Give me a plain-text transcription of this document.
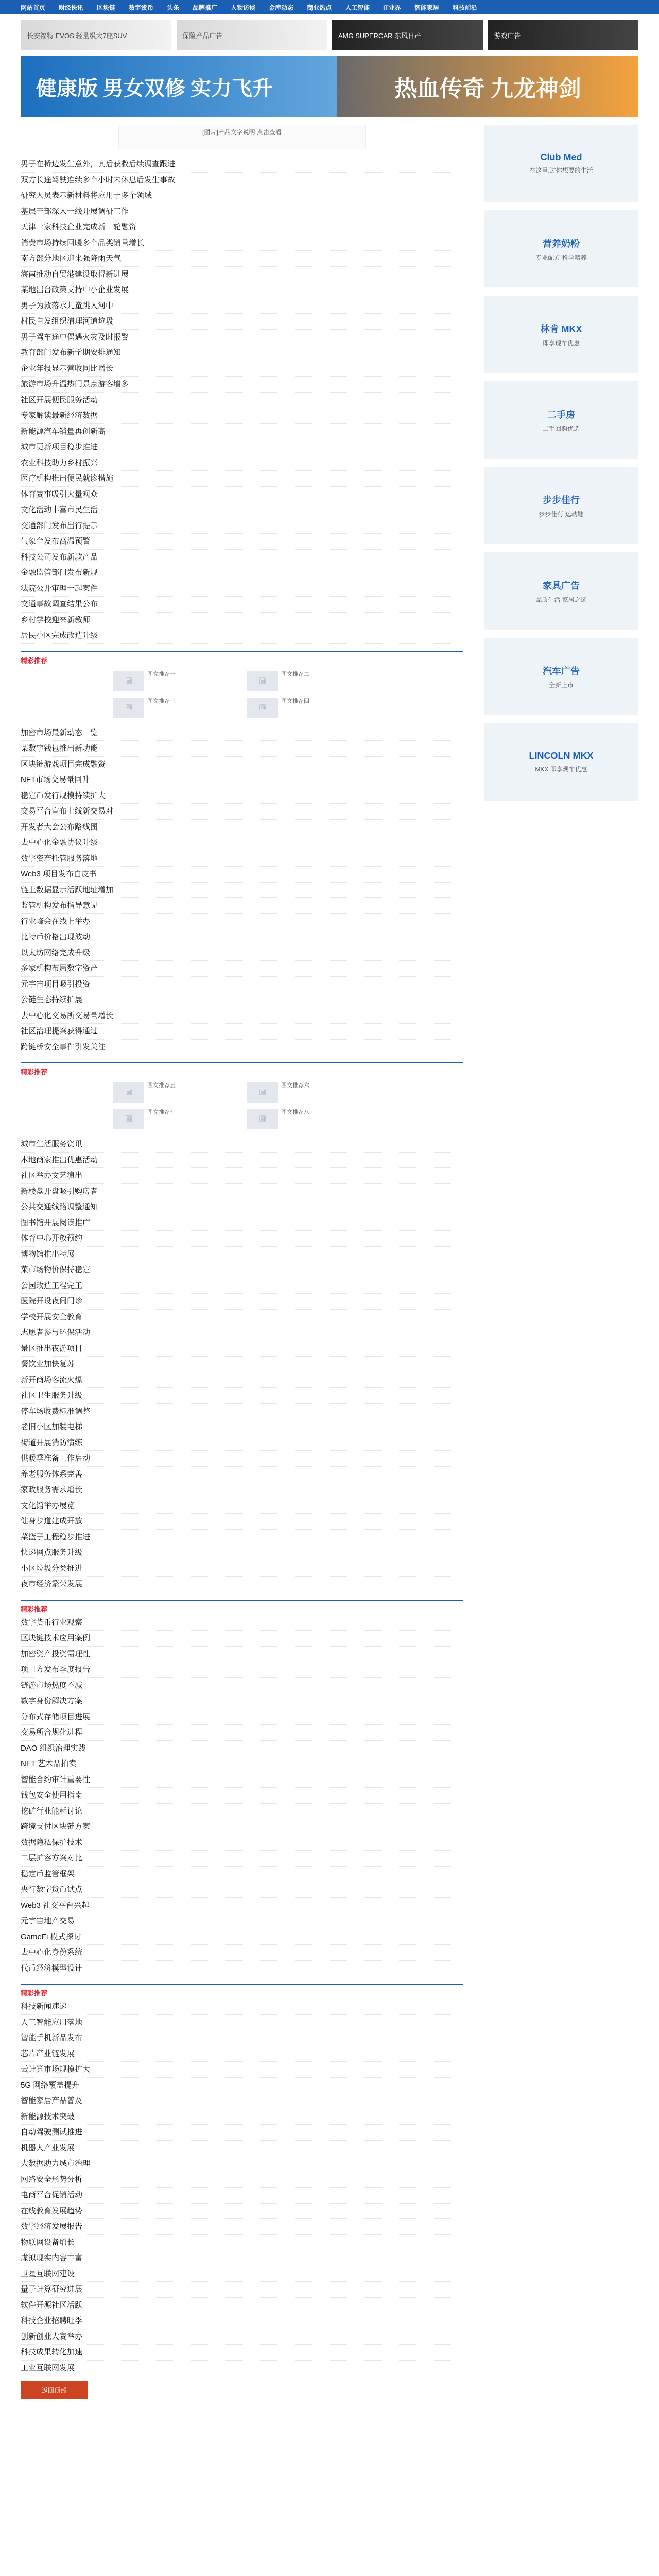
网站首页 财经快讯 区块链 数字货币 头条 品牌推广 人物访谈 金库动态 商业热点 人工智能 IT业界 智能家居 科技前沿
长安福特 EVOS 轻量级大7座SUV	保险产品广告	AMG SUPERCAR 东风日产	游戏广告
健康版 男女双修 实力飞升	热血传奇 九龙神剑
[图片]产品文字说明 点击查看
男子在桥边发生意外，其后获救后续调查跟进
双方长途驾驶连续多个小时未休息后发生事故
研究人员表示新材料将应用于多个领域
基层干部深入一线开展调研工作
天津一家科技企业完成新一轮融资
消费市场持续回暖多个品类销量增长
南方部分地区迎来强降雨天气
海南推动自贸港建设取得新进展
某地出台政策支持中小企业发展
男子为救落水儿童跳入河中
村民自发组织清理河道垃圾
男子驾车途中偶遇火灾及时报警
教育部门发布新学期安排通知
企业年报显示营收同比增长
旅游市场升温热门景点游客增多
社区开展便民服务活动
专家解读最新经济数据
新能源汽车销量再创新高
城市更新项目稳步推进
农业科技助力乡村振兴
医疗机构推出便民就诊措施
体育赛事吸引大量观众
文化活动丰富市民生活
交通部门发布出行提示
气象台发布高温预警
科技公司发布新款产品
金融监管部门发布新规
法院公开审理一起案件
交通事故调查结果公布
乡村学校迎来新教师
居民小区完成改造升级
精彩推荐
🖼
图文推荐一
🖼
图文推荐二
🖼
图文推荐三
🖼
图文推荐四
加密市场最新动态一览
某数字钱包推出新功能
区块链游戏项目完成融资
NFT市场交易量回升
稳定币发行规模持续扩大
交易平台宣布上线新交易对
开发者大会公布路线图
去中心化金融协议升级
数字资产托管服务落地
Web3 项目发布白皮书
链上数据显示活跃地址增加
监管机构发布指导意见
行业峰会在线上举办
比特币价格出现波动
以太坊网络完成升级
多家机构布局数字资产
元宇宙项目吸引投资
公链生态持续扩展
去中心化交易所交易量增长
社区治理提案获得通过
跨链桥安全事件引发关注
精彩推荐
🖼
图文推荐五
🖼
图文推荐六
🖼
图文推荐七
🖼
图文推荐八
城市生活服务资讯
本地商家推出优惠活动
社区举办文艺演出
新楼盘开盘吸引购房者
公共交通线路调整通知
图书馆开展阅读推广
体育中心开放预约
博物馆推出特展
菜市场物价保持稳定
公园改造工程完工
医院开设夜间门诊
学校开展安全教育
志愿者参与环保活动
景区推出夜游项目
餐饮业加快复苏
新开商场客流火爆
社区卫生服务升级
停车场收费标准调整
老旧小区加装电梯
街道开展消防演练
供暖季准备工作启动
养老服务体系完善
家政服务需求增长
文化馆举办展览
健身步道建成开放
菜篮子工程稳步推进
快递网点服务升级
小区垃圾分类推进
夜市经济繁荣发展
精彩推荐
数字货币行业观察
区块链技术应用案例
加密资产投资需理性
项目方发布季度报告
链游市场热度不减
数字身份解决方案
分布式存储项目进展
交易所合规化进程
DAO 组织治理实践
NFT 艺术品拍卖
智能合约审计重要性
钱包安全使用指南
挖矿行业能耗讨论
跨境支付区块链方案
数据隐私保护技术
二层扩容方案对比
稳定币监管框架
央行数字货币试点
Web3 社交平台兴起
元宇宙地产交易
GameFi 模式探讨
去中心化身份系统
代币经济模型设计
精彩推荐
科技新闻速递
人工智能应用落地
智能手机新品发布
芯片产业链发展
云计算市场规模扩大
5G 网络覆盖提升
智能家居产品普及
新能源技术突破
自动驾驶测试推进
机器人产业发展
大数据助力城市治理
网络安全形势分析
电商平台促销活动
在线教育发展趋势
数字经济发展报告
物联网设备增长
虚拟现实内容丰富
卫星互联网建设
量子计算研究进展
软件开源社区活跃
科技企业招聘旺季
创新创业大赛举办
科技成果转化加速
工业互联网发展
返回顶部
Club Med
在这里,过你想要的生活
营养奶粉
专业配方 科学喂养
林肯 MKX
即享现车优惠
二手房
二手回购优选
步步佳行
步步佳行 运动鞋
家具广告
品质生活 家居之选
汽车广告
全新上市
LINCOLN MKX
MKX 即享现车优惠
